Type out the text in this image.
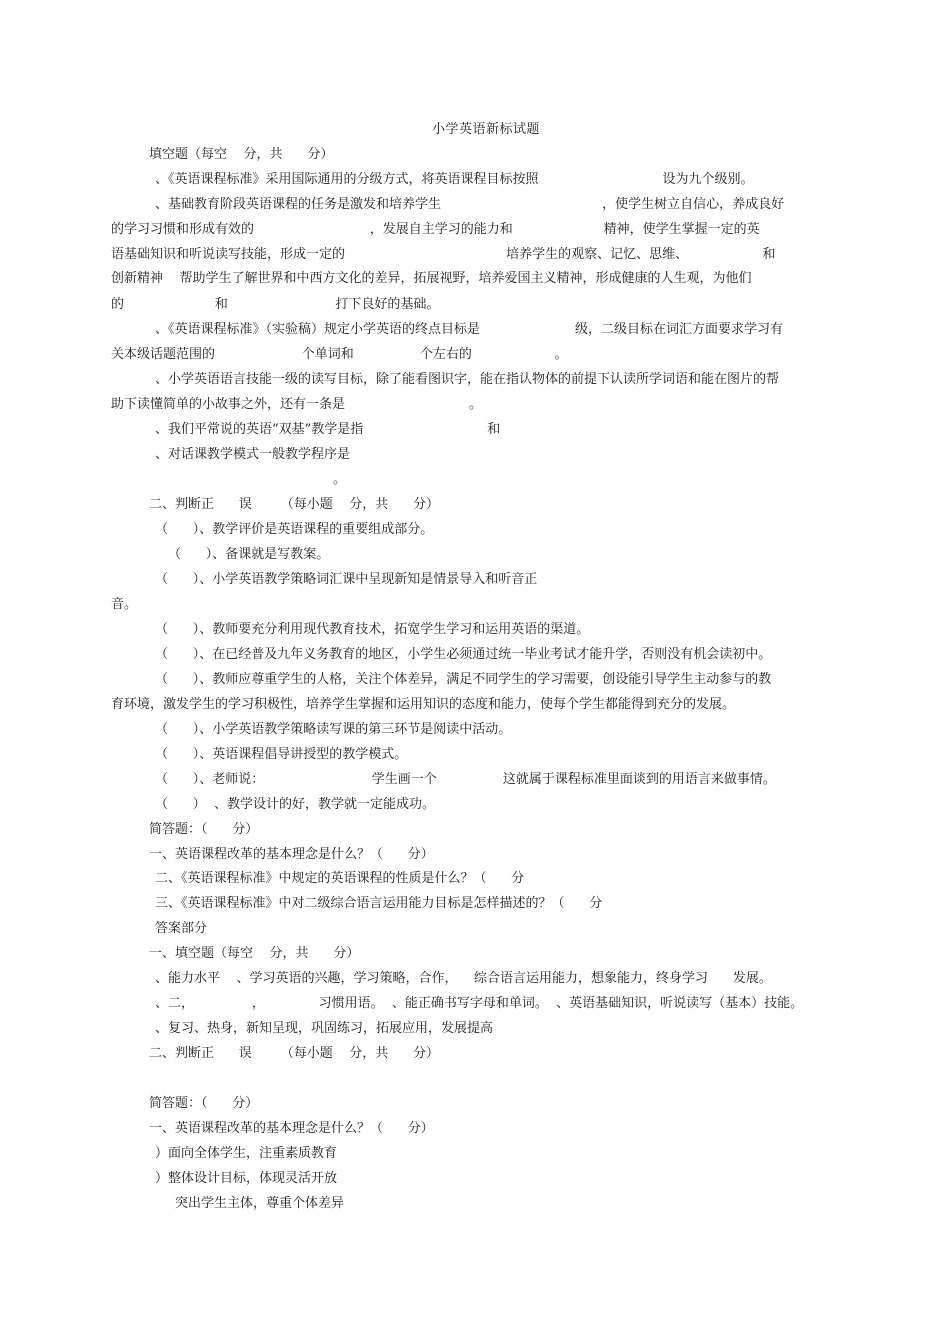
小学英语新标试题
填空题（每空    分，共      分）
、《英语课程标准》采用国际通用的分级方式，将英语课程目标按照                              设为九个级别。
、基础教育阶段英语课程的任务是激发和培养学生                                       ，使学生树立自信心，养成良好
的学习习惯和形成有效的                            ，发展自主学习的能力和                      精神，使学生掌握一定的英
语基础知识和听说读写技能，形成一定的                                       培养学生的观察、记忆、思维、                  和
创新精神    帮助学生了解世界和中西方文化的差异，拓展视野，培养爱国主义精神，形成健康的人生观，为他们
的                      和                          打下良好的基础。
、《英语课程标准》（实验稿）规定小学英语的终点目标是                       级，二级目标在词汇方面要求学习有
关本级话题范围的                     个单词和                个左右的                    。
、小学英语语言技能一级的读写目标，除了能看图识字，能在指认物体的前提下认读所学词语和能在图片的帮
助下读懂简单的小故事之外，还有一条是                              。
、我们平常说的英语“双基”教学是指                              和
、对话课教学模式一般教学程序是
。
二、判断正      误       （每小题    分，共      分）
（      ）、教学评价是英语课程的重要组成部分。
（      ）、备课就是写教案。
（      ）、小学英语教学策略词汇课中呈现新知是情景导入和听音正
音。
（      ）、教师要充分利用现代教育技术，拓宽学生学习和运用英语的渠道。
（      ）、在已经普及九年义务教育的地区，小学生必须通过统一毕业考试才能升学，否则没有机会读初中。
（      ）、教师应尊重学生的人格，关注个体差异，满足不同学生的学习需要，创设能引导学生主动参与的教
育环境，激发学生的学习积极性，培养学生掌握和运用知识的态度和能力，使每个学生都能得到充分的发展。
（      ）、小学英语教学策略读写课的第三环节是阅读中活动。
（      ）、英语课程倡导讲授型的教学模式。
（      ）、老师说：                          学生画一个                这就属于课程标准里面谈到的用语言来做事情。
（      ）  、教学设计的好，教学就一定能成功。
简答题：（      分）
一、英语课程改革的基本理念是什么？（      分）
二、《英语课程标准》中规定的英语课程的性质是什么？（      分
三、《英语课程标准》中对二级综合语言运用能力目标是怎样描述的？（      分
答案部分
一、填空题（每空    分，共      分）
、能力水平    、学习英语的兴趣，学习策略，合作，    综合语言运用能力，想象能力，终身学习      发展。
、二，              ，             习惯用语。  、能正确书写字母和单词。  、英语基础知识，听说读写（基本）技能。
、复习、热身，新知呈现，巩固练习，拓展应用，发展提高
二、判断正      误       （每小题    分，共      分）
简答题：（      分）
一、英语课程改革的基本理念是什么？（      分）
）面向全体学生，注重素质教育
）整体设计目标，体现灵活开放
突出学生主体，尊重个体差异
